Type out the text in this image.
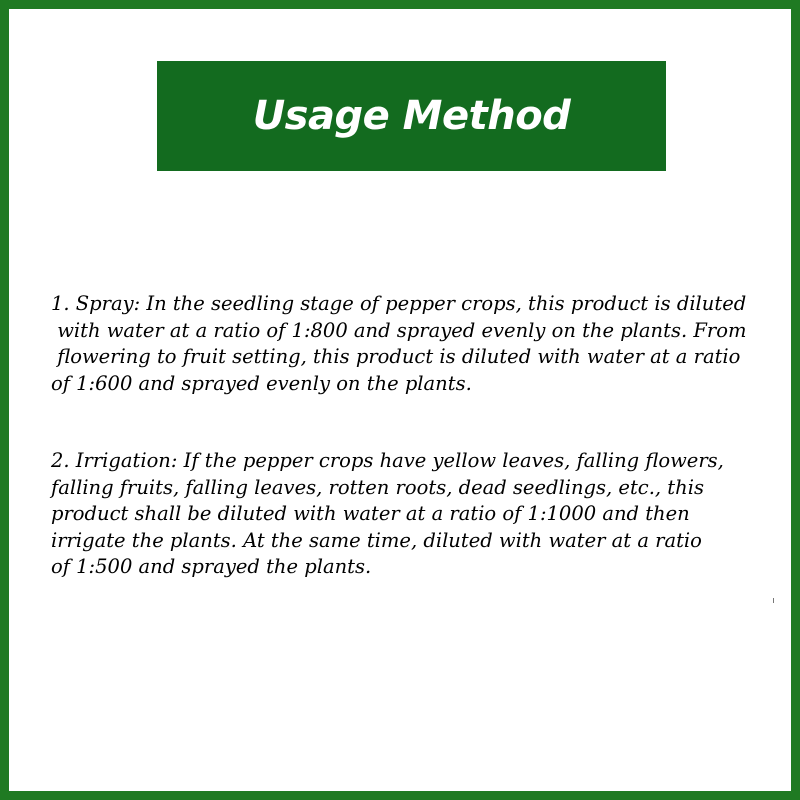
Usage Method

1. Spray: In the seedling stage of pepper crops, this product is diluted
with water at a ratio of 1:800 and sprayed evenly on the plants. From
flowering to fruit setting, this product is diluted with water at a ratio
of 1:600 and sprayed evenly on the plants.

2. Irrigation: If the pepper crops have yellow leaves, falling flowers,
falling fruits, falling leaves, rotten roots, dead seedlings, etc., this
product shall be diluted with water at a ratio of 1:1000 and then
irrigate the plants. At the same time, diluted with water at a ratio
of 1:500 and sprayed the plants.
